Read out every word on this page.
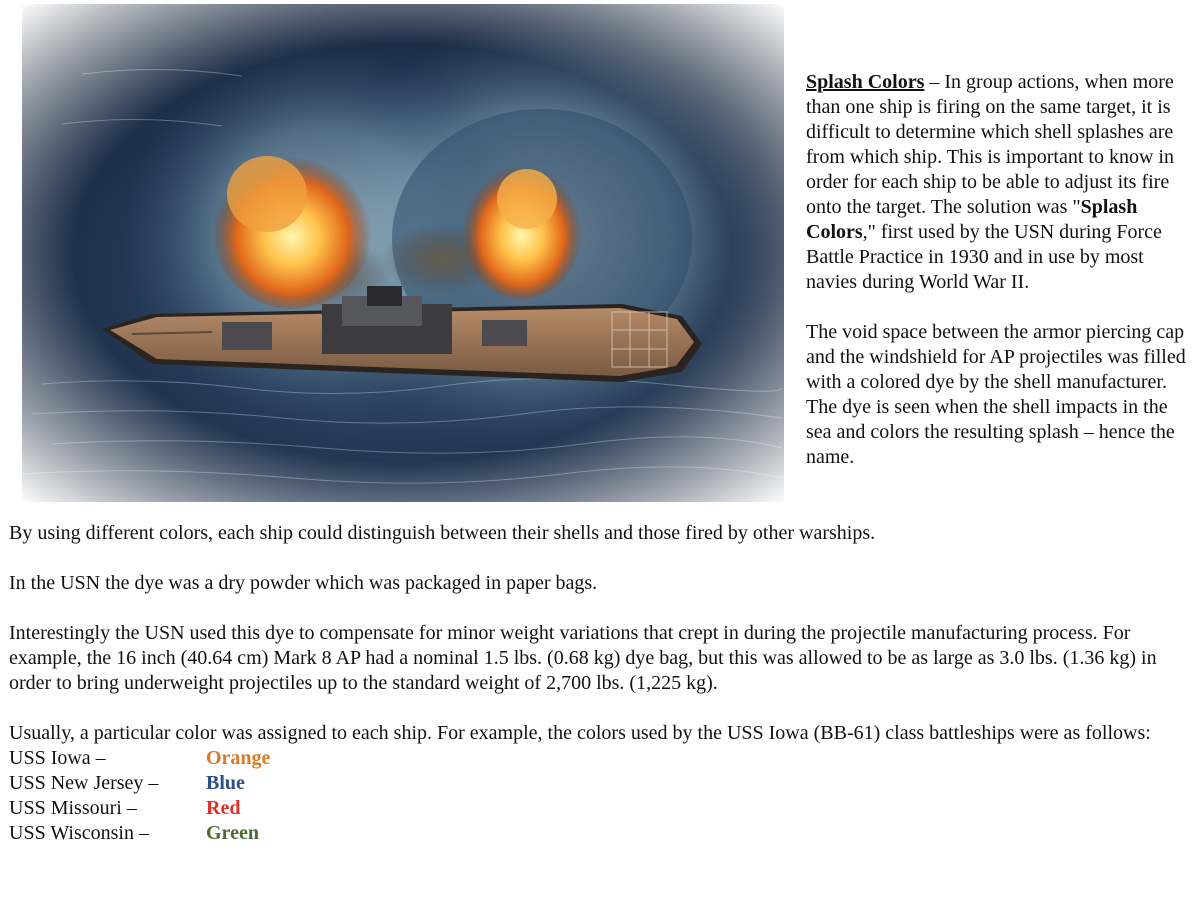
Splash Colors – In group actions, when more than one ship is firing on the same target, it is difficult to determine which shell splashes are from which ship. This is important to know in order for each ship to be able to adjust its fire onto the target. The solution was "Splash Colors," first used by the USN during Force Battle Practice in 1930 and in use by most navies during World War II.

The void space between the armor piercing cap and the windshield for AP projectiles was filled with a colored dye by the shell manufacturer. The dye is seen when the shell impacts in the sea and colors the resulting splash – hence the name.

By using different colors, each ship could distinguish between their shells and those fired by other warships.

In the USN the dye was a dry powder which was packaged in paper bags.

Interestingly the USN used this dye to compensate for minor weight variations that crept in during the projectile manufacturing process. For example, the 16 inch (40.64 cm) Mark 8 AP had a nominal 1.5 lbs. (0.68 kg) dye bag, but this was allowed to be as large as 3.0 lbs. (1.36 kg) in order to bring underweight projectiles up to the standard weight of 2,700 lbs. (1,225 kg).

Usually, a particular color was assigned to each ship. For example, the colors used by the USS Iowa (BB-61) class battleships were as follows:

USS Iowa –	Orange
USS New Jersey –	Blue
USS Missouri –	Red
USS Wisconsin –	Green
